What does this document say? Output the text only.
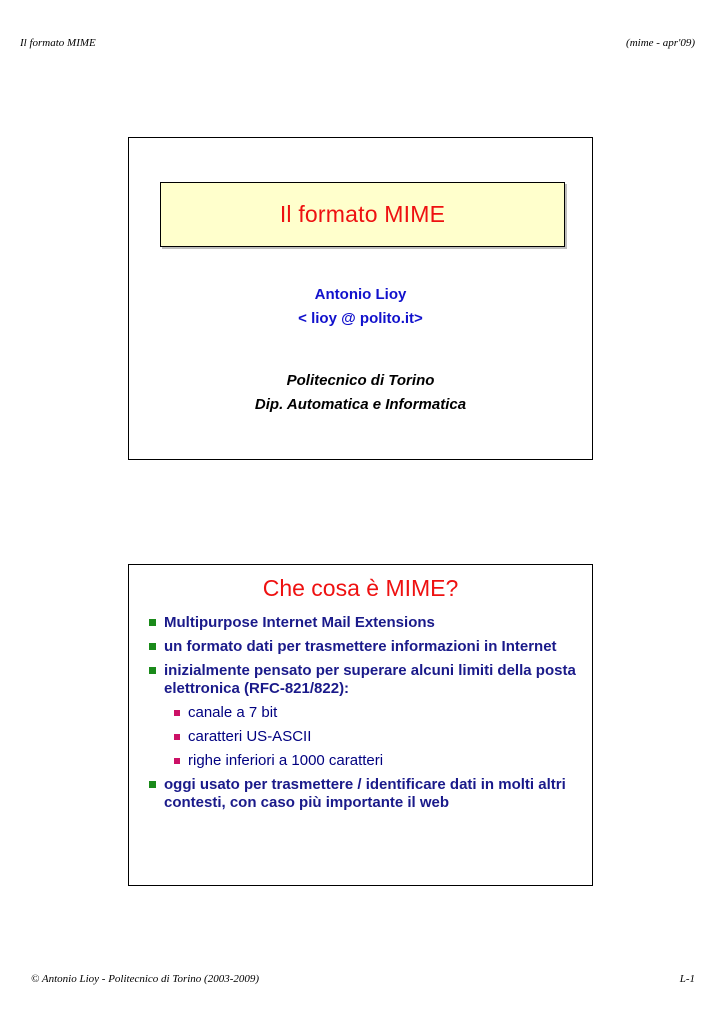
Il formato MIME	(mime - apr'09)
Il formato MIME
Antonio Lioy
< lioy @ polito.it>
Politecnico di Torino
Dip. Automatica e Informatica
Che cosa è MIME?
Multipurpose Internet Mail Extensions
un formato dati per trasmettere informazioni in Internet
inizialmente pensato per superare alcuni limiti della posta elettronica (RFC-821/822):
canale a 7 bit
caratteri US-ASCII
righe inferiori a 1000 caratteri
oggi usato per trasmettere / identificare dati in molti altri contesti, con caso più importante il web
© Antonio Lioy - Politecnico di Torino (2003-2009)	L-1
